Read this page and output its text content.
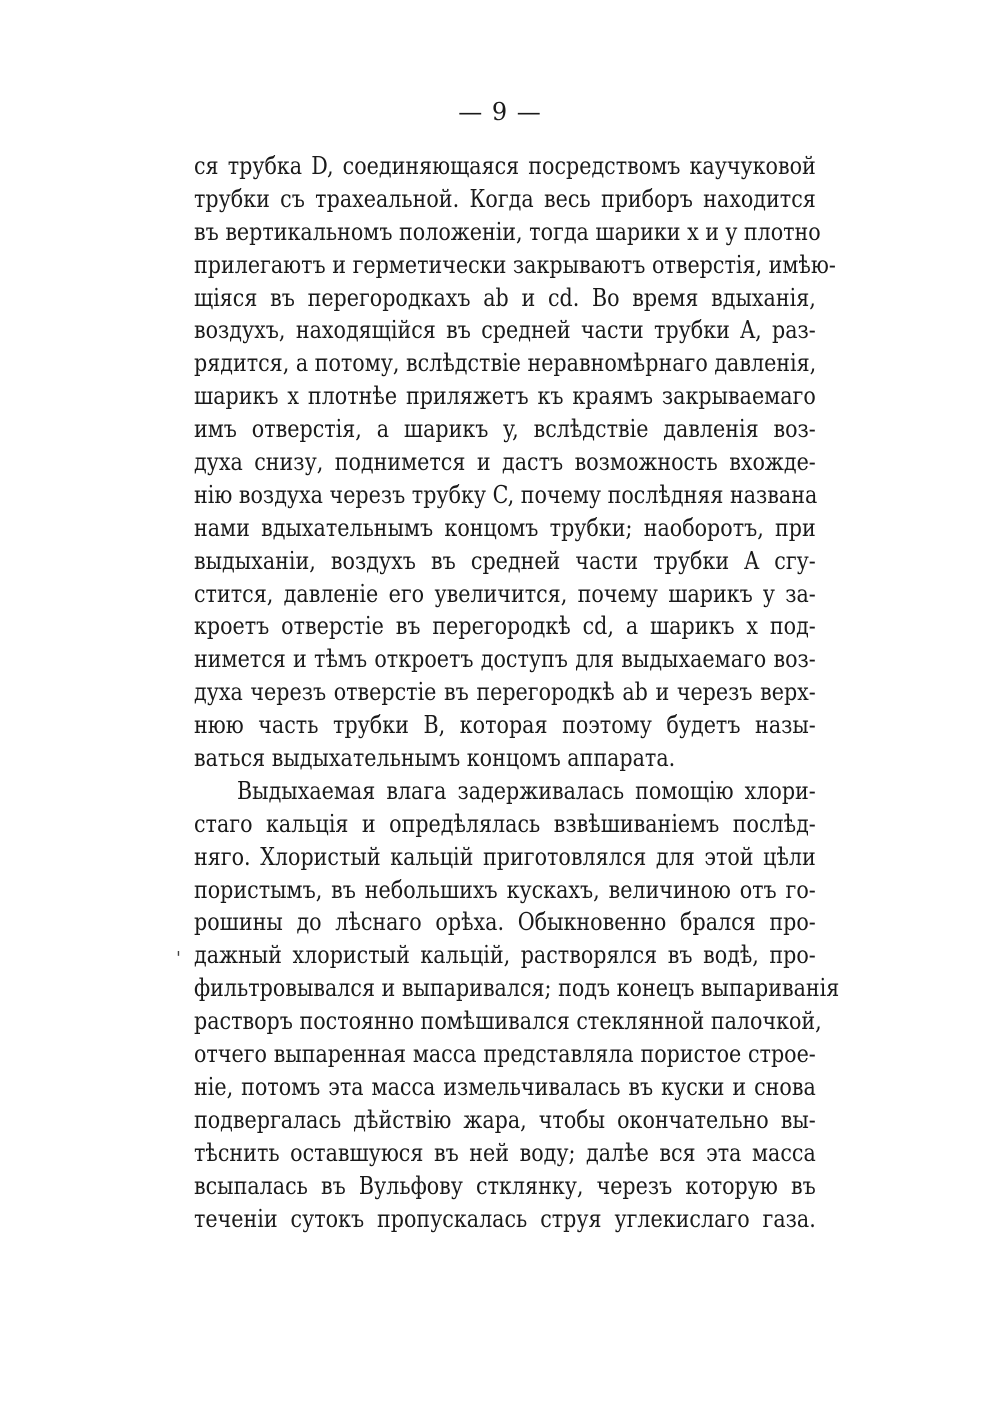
— 9 —
ся трубка D, соединяющаяся посредствомъ каучуковой
трубки съ трахеальной. Когда весь приборъ находится
въ вертикальномъ положенiи, тогда шарики x и y плотно
прилегаютъ и герметически закрываютъ отверстiя, имѣю-
щiяся въ перегородкахъ ab и cd. Во время вдыханiя,
воздухъ, находящiйся въ средней части трубки A, раз-
рядится, а потому, вслѣдствiе неравномѣрнаго давленiя,
шарикъ x плотнѣе приляжетъ къ краямъ закрываемаго
имъ отверстiя, а шарикъ y, вслѣдствiе давленiя воз-
духа снизу, поднимется и дастъ возможность вхожде-
нiю воздуха черезъ трубку C, почему послѣдняя названа
нами вдыхательнымъ концомъ трубки; наоборотъ, при
выдыханiи, воздухъ въ средней части трубки A сгу-
стится, давленiе его увеличится, почему шарикъ y за-
кроетъ отверстiе въ перегородкѣ cd, а шарикъ x под-
нимется и тѣмъ откроетъ доступъ для выдыхаемаго воз-
духа черезъ отверстiе въ перегородкѣ ab и черезъ верх-
нюю часть трубки B, которая поэтому будетъ назы-
ваться выдыхательнымъ концомъ аппарата.
Выдыхаемая влага задерживалась помощiю хлори-
стаго кальцiя и опредѣлялась взвѣшиванiемъ послѣд-
няго. Хлористый кальцiй приготовлялся для этой цѣли
пористымъ, въ небольшихъ кускахъ, величиною отъ го-
рошины до лѣснаго орѣха. Обыкновенно брался про-
дажный хлористый кальцiй, растворялся въ водѣ, про-
фильтровывался и выпаривался; подъ конецъ выпариванiя
растворъ постоянно помѣшивался стеклянной палочкой,
отчего выпаренная масса представляла пористое строе-
нiе, потомъ эта масса измельчивалась въ куски и снова
подвергалась дѣйствiю жара, чтобы окончательно вы-
тѣснить оставшуюся въ ней воду; далѣе вся эта масса
всыпалась въ Вульфову стклянку, черезъ которую въ
теченiи сутокъ пропускалась струя углекислаго газа.
'
